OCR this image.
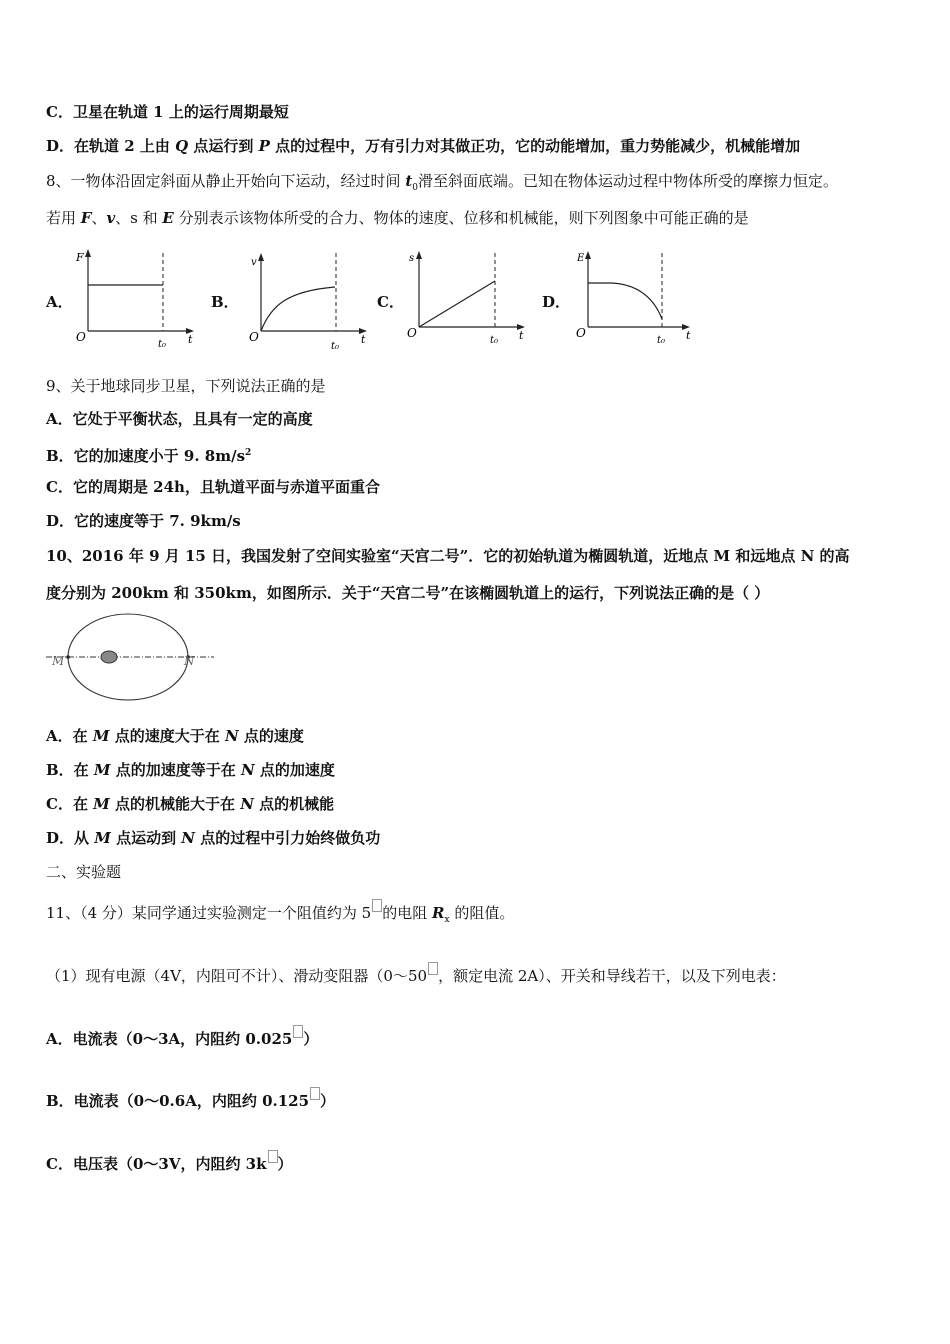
C．卫星在轨道 1 上的运行周期最短
D．在轨道 2 上由 Q 点运行到 P 点的过程中，万有引力对其做正功，它的动能增加，重力势能减少，机械能增加
8、一物体沿固定斜面从静止开始向下运动，经过时间 $t_0$滑至斜面底端。已知在物体运动过程中物体所受的摩擦力恒定。
若用 F、v、s 和 E 分别表示该物体所受的合力、物体的速度、位移和机械能，则下列图象中可能正确的是
A．	B．	C．	D．
F
O	t
t₀
v
O	t
t₀
s
O	t
t₀
E
O	t
t₀
9、关于地球同步卫星，下列说法正确的是
A．它处于平衡状态，且具有一定的高度
B．它的加速度小于 9. $8m/s^2$
C．它的周期是 24h，且轨道平面与赤道平面重合
D．它的速度等于 7. 9km/s
10、2016 年 9 月 15 日，我国发射了空间实验室“天宫二号”．它的初始轨道为椭圆轨道，近地点 M 和远地点 N 的高
度分别为 200km 和 350km，如图所示．关于“天宫二号”在该椭圆轨道上的运行，下列说法正确的是（ ）
M	N
A．在 M 点的速度大于在 N 点的速度
B．在 M 点的加速度等于在 N 点的加速度
C．在 M 点的机械能大于在 N 点的机械能
D．从 M 点运动到 N 点的过程中引力始终做负功
二、实验题
11、（4 分）某同学通过实验测定一个阻值约为 5 的电阻 $R_x$ 的阻值。
（1）现有电源（4V，内阻可不计）、滑动变阻器（0～50 ，额定电流 2A）、开关和导线若干，以及下列电表：
A．电流表（0～3A，内阻约 0.025 ）
B．电流表（0～0.6A，内阻约 0.125 ）
C．电压表（0～3V，内阻约 3k ）
